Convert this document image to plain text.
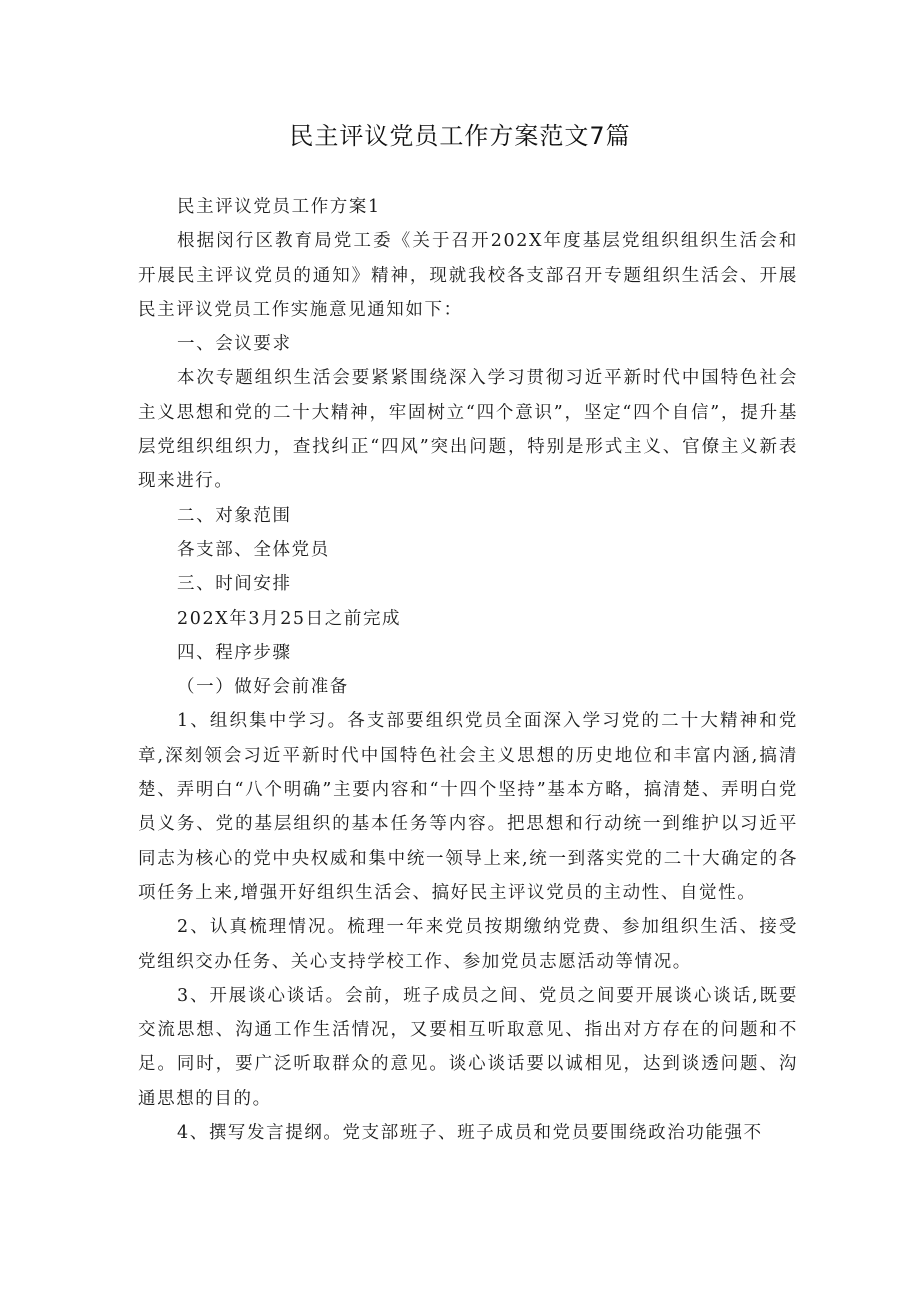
民主评议党员工作方案范文7篇

民主评议党员工作方案1

根据闵行区教育局党工委《关于召开202X年度基层党组织组织生活会和开展民主评议党员的通知》精神，现就我校各支部召开专题组织生活会、开展民主评议党员工作实施意见通知如下：

一、会议要求

本次专题组织生活会要紧紧围绕深入学习贯彻习近平新时代中国特色社会主义思想和党的二十大精神，牢固树立“四个意识”，坚定“四个自信”，提升基层党组织组织力，查找纠正“四风”突出问题，特别是形式主义、官僚主义新表现来进行。

二、对象范围

各支部、全体党员

三、时间安排

202X年3月25日之前完成

四、程序步骤

（一）做好会前准备

1、组织集中学习。各支部要组织党员全面深入学习党的二十大精神和党章,深刻领会习近平新时代中国特色社会主义思想的历史地位和丰富内涵,搞清楚、弄明白“八个明确”主要内容和“十四个坚持”基本方略，搞清楚、弄明白党员义务、党的基层组织的基本任务等内容。把思想和行动统一到维护以习近平同志为核心的党中央权威和集中统一领导上来,统一到落实党的二十大确定的各项任务上来,增强开好组织生活会、搞好民主评议党员的主动性、自觉性。

2、认真梳理情况。梳理一年来党员按期缴纳党费、参加组织生活、接受党组织交办任务、关心支持学校工作、参加党员志愿活动等情况。

3、开展谈心谈话。会前，班子成员之间、党员之间要开展谈心谈话,既要交流思想、沟通工作生活情况，又要相互听取意见、指出对方存在的问题和不足。同时，要广泛听取群众的意见。谈心谈话要以诚相见，达到谈透问题、沟通思想的目的。

4、撰写发言提纲。党支部班子、班子成员和党员要围绕政治功能强不
